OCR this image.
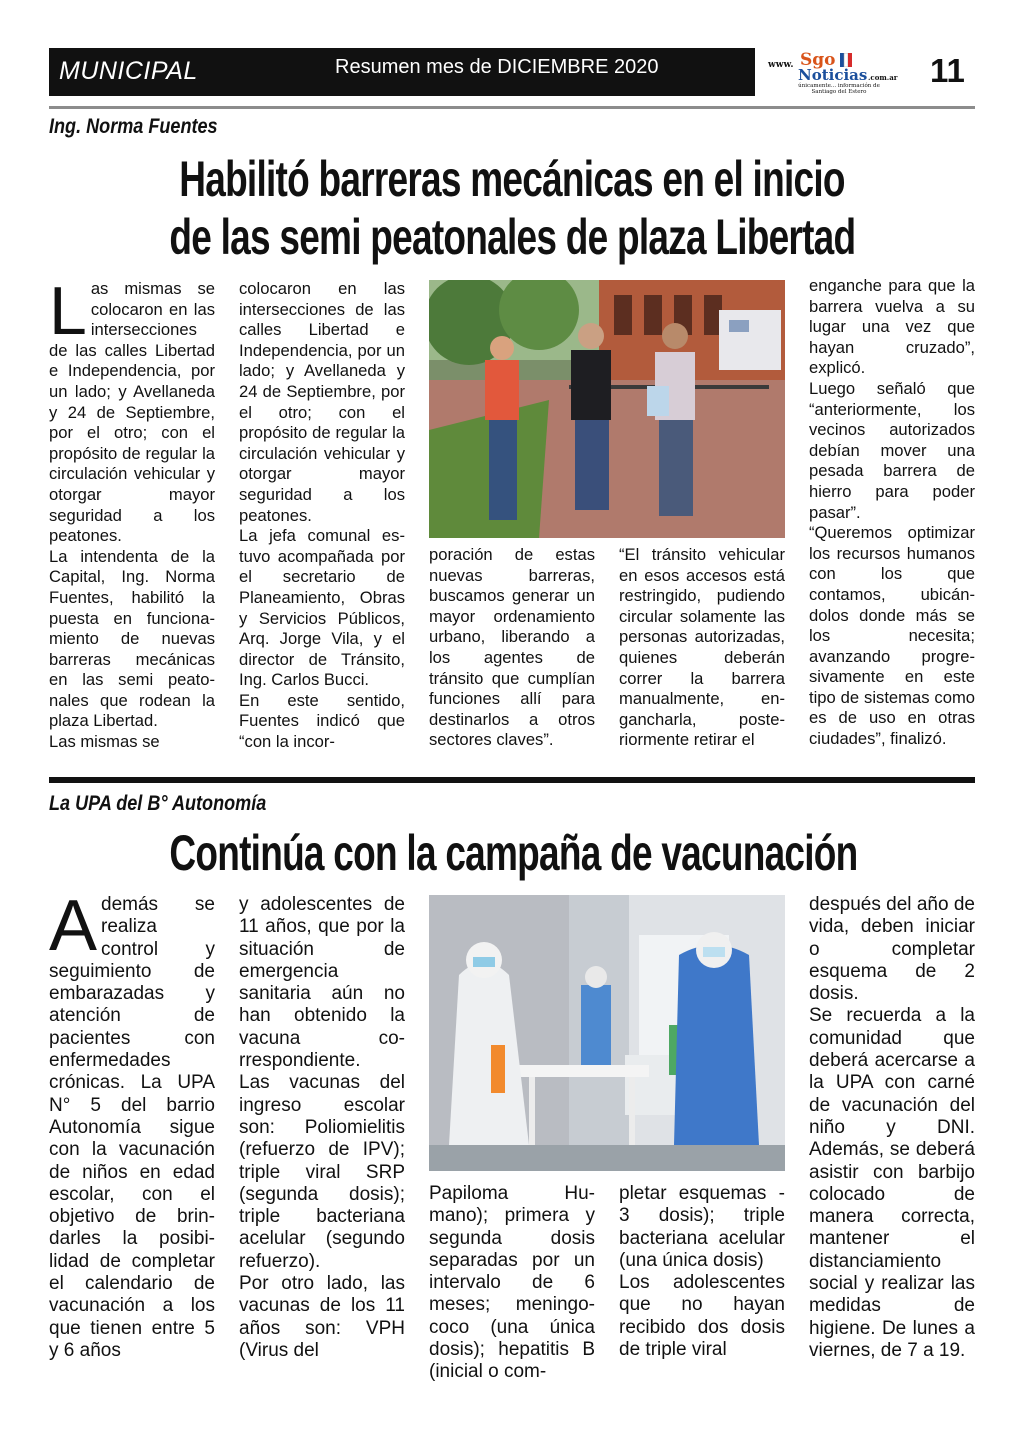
MUNICIPAL	Resumen mes de DICIEMBRE 2020	www. Sgo
Noticias .com.ar
únicamente... información de
Santiago del Estero
11
Ing. Norma Fuentes
Habilitó barreras mecánicas en el inicio
de las semi peatonales de plaza Libertad
L as mismas se colocaron en las intersecciones de las calles Libertad e Independencia, por un lado; y Avellaneda y 24 de Septiembre, por el otro; con el propósito de regular la circulación vehicular y otorgar mayor seguridad a los peatones.

La intendenta de la Capital, Ing. Norma Fuentes, habilitó la puesta en funcionamiento de nuevas barreras mecánicas en las semi peatonales que rodean la plaza Libertad.

Las mismas se

colocaron en las intersecciones de las calles Libertad e Independencia, por un lado; y Avellaneda y 24 de Septiembre, por el otro; con el propósito de regular la circulación vehicular y otorgar mayor seguridad a los peatones.

La jefa comunal estuvo acompañada por el secretario de Planeamiento, Obras y Servicios Públicos, Arq. Jorge Vila, y el director de Tránsito, Ing. Carlos Bucci.

En este sentido, Fuentes indicó que “con la incor-

poración de estas nuevas barreras, buscamos generar un mayor ordenamiento urbano, liberando a los agentes de tránsito que cumplían funciones allí para destinarlos a otros sectores claves”.

“El tránsito vehicular en esos accesos está restringido, pudiendo circular solamente las personas autorizadas, quienes deberán correr la barrera manualmente, engancharla, posteriormente retirar el

enganche para que la barrera vuelva a su lugar una vez que hayan cruzado”, explicó.

Luego señaló que “anteriormente, los vecinos autorizados debían mover una pesada barrera de hierro para poder pasar”.

“Queremos optimizar los recursos humanos con los que contamos, ubicándolos donde más se los necesita; avanzando progresivamente en este tipo de sistemas como es de uso en otras ciudades”, finalizó.

La UPA del B° Autonomía
Continúa con la campaña de vacunación
A demás se realiza control y seguimiento de embarazadas y atención de pacientes con enfermedades crónicas. La UPA N° 5 del barrio Autonomía sigue con la vacunación de niños en edad escolar, con el objetivo de brindarles la posibilidad de completar el calendario de vacunación a los que tienen entre 5 y 6 años

y adolescentes de 11 años, que por la situación de emergencia sanitaria aún no han obtenido la vacuna correspondiente.

Las vacunas del ingreso escolar son: Poliomielitis (refuerzo de IPV); triple viral SRP (segunda dosis); triple bacteriana acelular (segundo refuerzo).

Por otro lado, las vacunas de los 11 años son: VPH (Virus del

Papiloma Humano); primera y segunda dosis separadas por un intervalo de 6 meses; meningococo (una única dosis); hepatitis B (inicial o com-

pletar esquemas - 3 dosis); triple bacteriana acelular (una única dosis)

Los adolescentes que no hayan recibido dos dosis de triple viral

después del año de vida, deben iniciar o completar esquema de 2 dosis.

Se recuerda a la comunidad que deberá acercarse a la UPA con carné de vacunación del niño y DNI. Además, se deberá asistir con barbijo colocado de manera correcta, mantener el distanciamiento social y realizar las medidas de higiene. De lunes a viernes, de 7 a 19.
